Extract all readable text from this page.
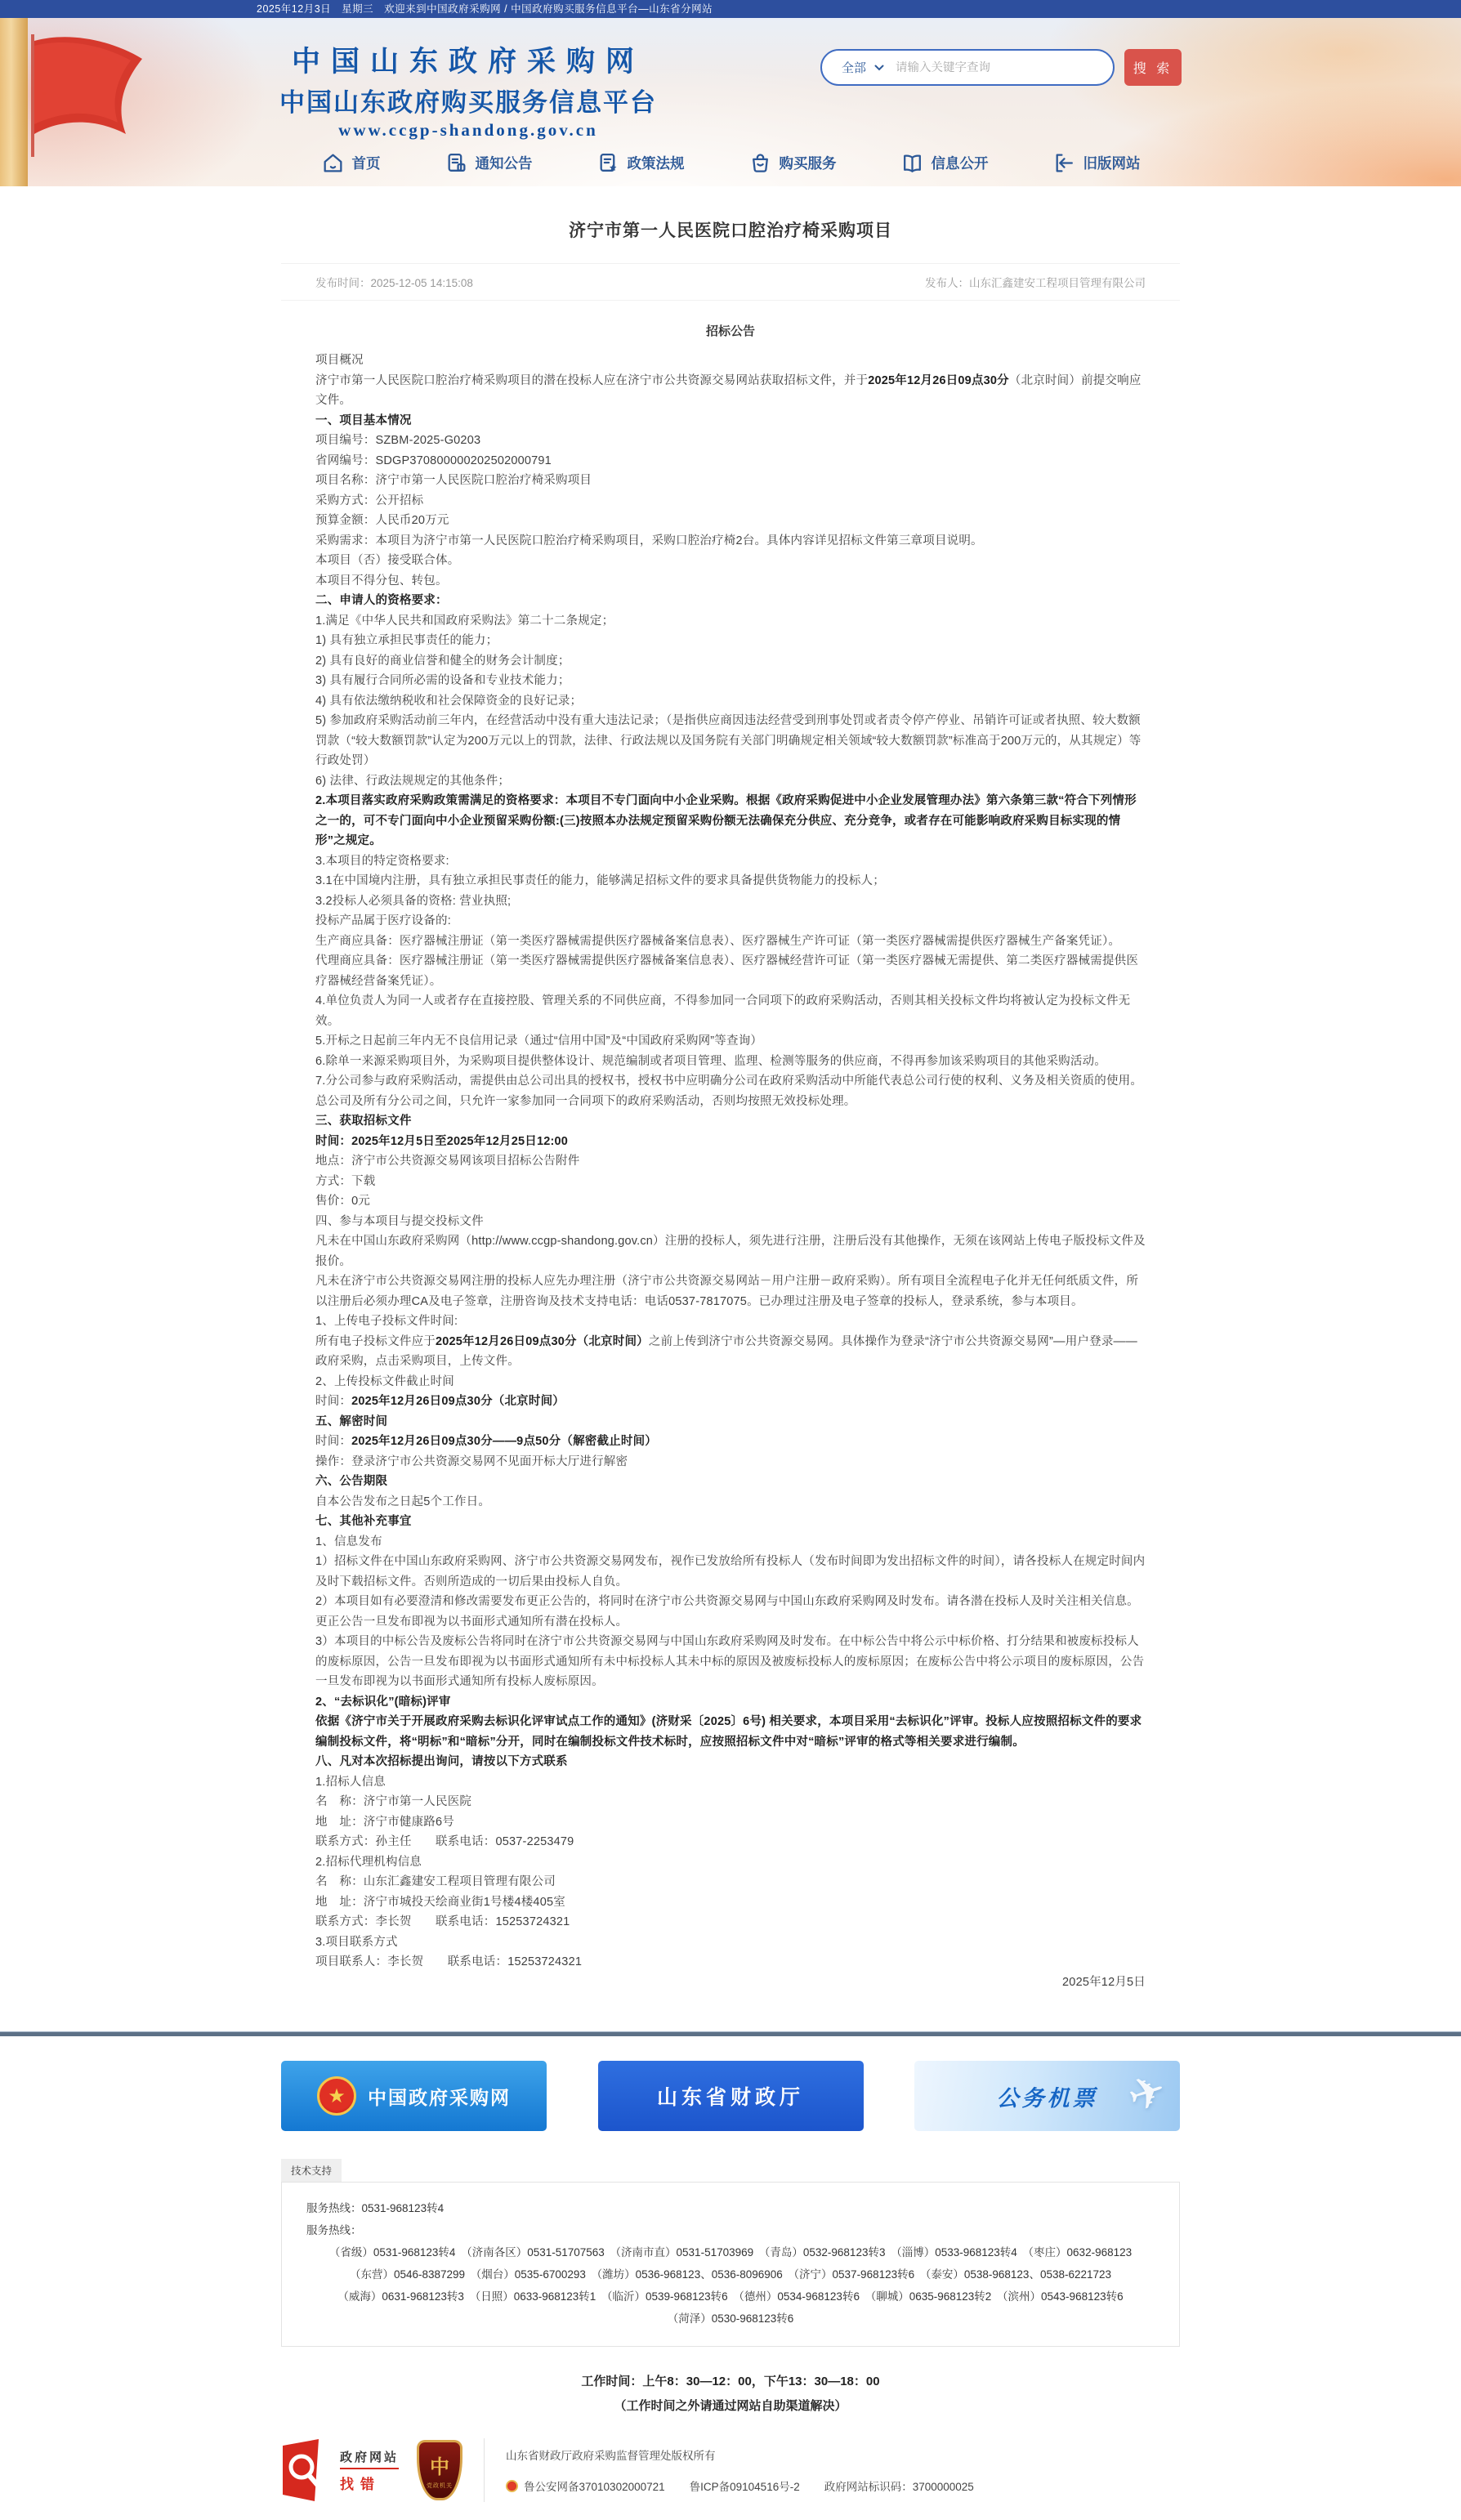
2025年12月3日　星期三　欢迎来到中国政府采购网 / 中国政府购买服务信息平台—山东省分网站
中国山东政府采购网
中国山东政府购买服务信息平台
www.ccgp-shandong.gov.cn
全部
请输入关键字查询	搜 索
首页	通知公告	政策法规	购买服务	信息公开	旧版网站
济宁市第一人民医院口腔治疗椅采购项目
发布时间：2025-12-05 14:15:08	发布人：山东汇鑫建安工程项目管理有限公司
招标公告

项目概况

济宁市第一人民医院口腔治疗椅采购项目的潜在投标人应在济宁市公共资源交易网站获取招标文件，并于2025年12月26日09点30分（北京时间）前提交响应文件。

一、项目基本情况

项目编号：SZBM-2025-G0203

省网编号：SDGP370800000202502000791

项目名称：济宁市第一人民医院口腔治疗椅采购项目

采购方式：公开招标

预算金额：人民币20万元

采购需求：本项目为济宁市第一人民医院口腔治疗椅采购项目，采购口腔治疗椅2台。具体内容详见招标文件第三章项目说明。

本项目（否）接受联合体。

本项目不得分包、转包。

二、申请人的资格要求：

1.满足《中华人民共和国政府采购法》第二十二条规定；

1) 具有独立承担民事责任的能力；

2) 具有良好的商业信誉和健全的财务会计制度；

3) 具有履行合同所必需的设备和专业技术能力；

4) 具有依法缴纳税收和社会保障资金的良好记录；

5) 参加政府采购活动前三年内，在经营活动中没有重大违法记录；（是指供应商因违法经营受到刑事处罚或者责令停产停业、吊销许可证或者执照、较大数额罚款（“较大数额罚款”认定为200万元以上的罚款，法律、行政法规以及国务院有关部门明确规定相关领域“较大数额罚款”标准高于200万元的，从其规定）等行政处罚）

6) 法律、行政法规规定的其他条件；

2.本项目落实政府采购政策需满足的资格要求：本项目不专门面向中小企业采购。根据《政府采购促进中小企业发展管理办法》第六条第三款“符合下列情形之一的，可不专门面向中小企业预留采购份额:(三)按照本办法规定预留采购份额无法确保充分供应、充分竞争，或者存在可能影响政府采购目标实现的情形”之规定。

3.本项目的特定资格要求:

3.1在中国境内注册，具有独立承担民事责任的能力，能够满足招标文件的要求具备提供货物能力的投标人；

3.2投标人必须具备的资格: 营业执照;

投标产品属于医疗设备的:

生产商应具备：医疗器械注册证（第一类医疗器械需提供医疗器械备案信息表）、医疗器械生产许可证（第一类医疗器械需提供医疗器械生产备案凭证）。

代理商应具备：医疗器械注册证（第一类医疗器械需提供医疗器械备案信息表）、医疗器械经营许可证（第一类医疗器械无需提供、第二类医疗器械需提供医疗器械经营备案凭证）。

4.单位负责人为同一人或者存在直接控股、管理关系的不同供应商，不得参加同一合同项下的政府采购活动，否则其相关投标文件均将被认定为投标文件无效。

5.开标之日起前三年内无不良信用记录（通过“信用中国”及“中国政府采购网”等查询）

6.除单一来源采购项目外，为采购项目提供整体设计、规范编制或者项目管理、监理、检测等服务的供应商，不得再参加该采购项目的其他采购活动。

7.分公司参与政府采购活动，需提供由总公司出具的授权书，授权书中应明确分公司在政府采购活动中所能代表总公司行使的权利、义务及相关资质的使用。总公司及所有分公司之间，只允许一家参加同一合同项下的政府采购活动，否则均按照无效投标处理。

三、获取招标文件

时间：2025年12月5日至2025年12月25日12:00

地点：济宁市公共资源交易网该项目招标公告附件

方式：下载

售价：0元

四、参与本项目与提交投标文件

凡未在中国山东政府采购网（http://www.ccgp-shandong.gov.cn）注册的投标人，须先进行注册，注册后没有其他操作，无须在该网站上传电子版投标文件及报价。

凡未在济宁市公共资源交易网注册的投标人应先办理注册（济宁市公共资源交易网站－用户注册－政府采购）。所有项目全流程电子化并无任何纸质文件，所以注册后必须办理CA及电子签章，注册咨询及技术支持电话：电话0537-7817075。已办理过注册及电子签章的投标人，登录系统，参与本项目。

1、上传电子投标文件时间:

所有电子投标文件应于2025年12月26日09点30分（北京时间）之前上传到济宁市公共资源交易网。具体操作为登录“济宁市公共资源交易网”—用户登录——政府采购，点击采购项目，上传文件。

2、上传投标文件截止时间

时间：2025年12月26日09点30分（北京时间）

五、解密时间

时间：2025年12月26日09点30分——9点50分（解密截止时间）

操作：登录济宁市公共资源交易网不见面开标大厅进行解密

六、公告期限

自本公告发布之日起5个工作日。

七、其他补充事宜

1、信息发布

1）招标文件在中国山东政府采购网、济宁市公共资源交易网发布，视作已发放给所有投标人（发布时间即为发出招标文件的时间），请各投标人在规定时间内及时下载招标文件。否则所造成的一切后果由投标人自负。

2）本项目如有必要澄清和修改需要发布更正公告的，将同时在济宁市公共资源交易网与中国山东政府采购网及时发布。请各潜在投标人及时关注相关信息。更正公告一旦发布即视为以书面形式通知所有潜在投标人。

3）本项目的中标公告及废标公告将同时在济宁市公共资源交易网与中国山东政府采购网及时发布。在中标公告中将公示中标价格、打分结果和被废标投标人的废标原因，公告一旦发布即视为以书面形式通知所有未中标投标人其未中标的原因及被废标投标人的废标原因；在废标公告中将公示项目的废标原因，公告一旦发布即视为以书面形式通知所有投标人废标原因。

2、“去标识化”(暗标)评审

依据《济宁市关于开展政府采购去标识化评审试点工作的通知》(济财采〔2025〕6号) 相关要求，本项目采用“去标识化”评审。投标人应按照招标文件的要求编制投标文件，将“明标”和“暗标”分开，同时在编制投标文件技术标时，应按照招标文件中对“暗标”评审的格式等相关要求进行编制。

八、凡对本次招标提出询问，请按以下方式联系

1.招标人信息

名　称：济宁市第一人民医院

地　址：济宁市健康路6号

联系方式：孙主任　　联系电话：0537-2253479

2.招标代理机构信息

名　称：山东汇鑫建安工程项目管理有限公司

地　址：济宁市城投天绘商业街1号楼4楼405室

联系方式：李长贺　　联系电话：15253724321

3.项目联系方式

项目联系人：李长贺　　联系电话：15253724321

2025年12月5日

★	中国政府采购网	山东省财政厅	公务机票 ✈
技术支持
服务热线：0531-968123转4
服务热线：
（省级）0531-968123转4　（济南各区）0531-51707563　（济南市直）0531-51703969　（青岛）0532-968123转3　（淄博）0533-968123转4　（枣庄）0632-968123
（东营）0546-8387299　（烟台）0535-6700293　（潍坊）0536-968123、0536-8096906　（济宁）0537-968123转6　（泰安）0538-968123、0538-6221723
（威海）0631-968123转3　（日照）0633-968123转1　（临沂）0539-968123转6　（德州）0534-968123转6　（聊城）0635-968123转2　（滨州）0543-968123转6
（菏泽）0530-968123转6
工作时间：上午8：30—12：00，下午13：30—18：00
（工作时间之外请通过网站自助渠道解决）
政府网站
找错
中
党政机关
山东省财政厅政府采购监督管理处版权所有
鲁公安网备37010302000721 鲁ICP备09104516号-2 政府网站标识码：3700000025
